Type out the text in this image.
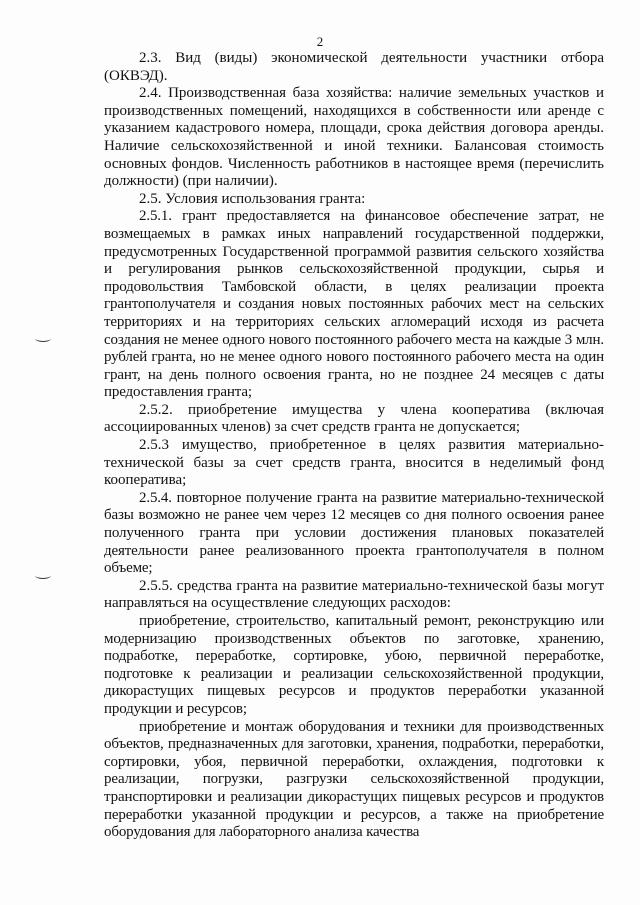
2

2.3. Вид (виды) экономической деятельности участники отбора (ОКВЭД).

2.4. Производственная база хозяйства: наличие земельных участков и производственных помещений, находящихся в собственности или аренде с указанием кадастрового номера, площади, срока действия договора аренды. Наличие сельскохозяйственной и иной техники. Балансовая стоимость основных фондов. Численность работников в настоящее время (перечислить должности) (при наличии).

2.5. Условия использования гранта:

2.5.1. грант предоставляется на финансовое обеспечение затрат, не возмещаемых в рамках иных направлений государственной поддержки, предусмотренных Государственной программой развития сельского хозяйства и регулирования рынков сельскохозяйственной продукции, сырья и продовольствия Тамбовской области, в целях реализации проекта грантополучателя и создания новых постоянных рабочих мест на сельских территориях и на территориях сельских агломераций исходя из расчета создания не менее одного нового постоянного рабочего места на каждые 3 млн. рублей гранта, но не менее одного нового постоянного рабочего места на один грант, на день полного освоения гранта, но не позднее 24 месяцев с даты предоставления гранта;

2.5.2. приобретение имущества у члена кооператива (включая ассоциированных членов) за счет средств гранта не допускается;

2.5.3 имущество, приобретенное в целях развития материально-технической базы за счет средств гранта, вносится в неделимый фонд кооператива;

2.5.4. повторное получение гранта на развитие материально-технической базы возможно не ранее чем через 12 месяцев со дня полного освоения ранее полученного гранта при условии достижения плановых показателей деятельности ранее реализованного проекта грантополучателя в полном объеме;

2.5.5. средства гранта на развитие материально-технической базы могут направляться на осуществление следующих расходов:

приобретение, строительство, капитальный ремонт, реконструкцию или модернизацию производственных объектов по заготовке, хранению, подработке, переработке, сортировке, убою, первичной переработке, подготовке к реализации и реализации сельскохозяйственной продукции, дикорастущих пищевых ресурсов и продуктов переработки указанной продукции и ресурсов;

приобретение и монтаж оборудования и техники для производственных объектов, предназначенных для заготовки, хранения, подработки, переработки, сортировки, убоя, первичной переработки, охлаждения, подготовки к реализации, погрузки, разгрузки сельскохозяйственной продукции, транспортировки и реализации дикорастущих пищевых ресурсов и продуктов переработки указанной продукции и ресурсов, а также на приобретение оборудования для лабораторного анализа качества
